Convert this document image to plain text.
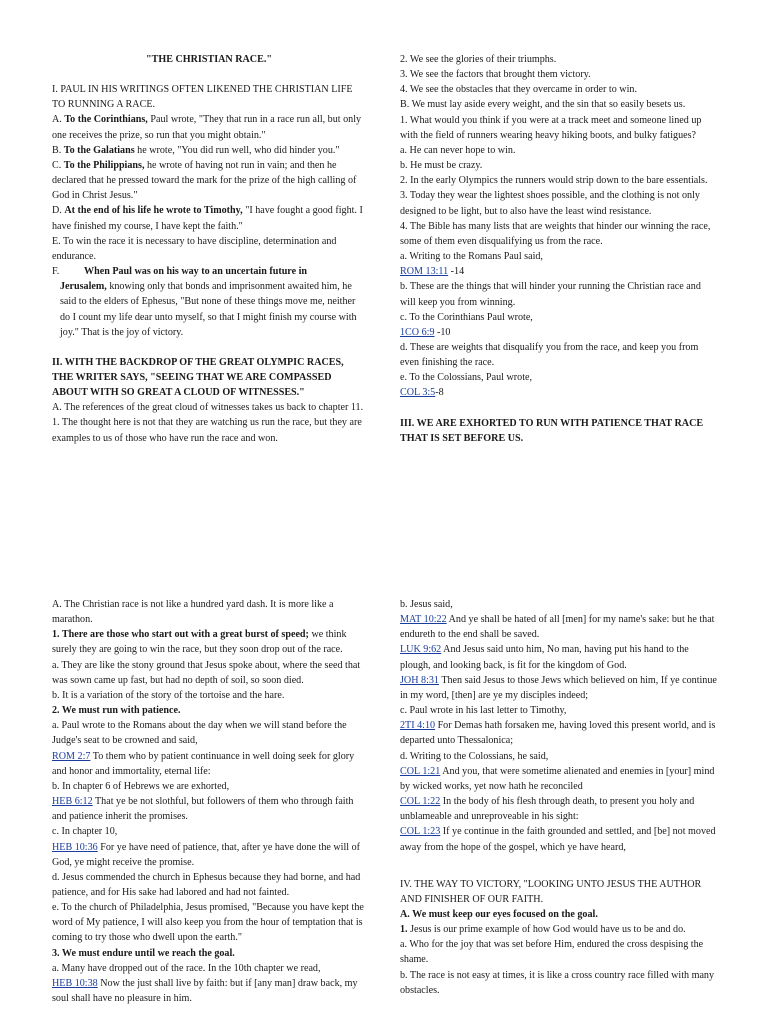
"THE CHRISTIAN RACE."

I. PAUL IN HIS WRITINGS OFTEN LIKENED THE CHRISTIAN LIFE TO RUNNING A RACE.

A. To the Corinthians, Paul wrote, "They that run in a race run all, but only one receives the prize, so run that you might obtain."

B. To the Galatians he wrote, "You did run well, who did hinder you."

C. To the Philippians, he wrote of having not run in vain; and then he declared that he pressed toward the mark for the prize of the high calling of God in Christ Jesus."

D. At the end of his life he wrote to Timothy, "I have fought a good fight. I have finished my course, I have kept the faith."

E. To win the race it is necessary to have discipline, determination and endurance.

F.	When Paul was on his way to an uncertain future in

Jerusalem, knowing only that bonds and imprisonment awaited him, he said to the elders of Ephesus, "But none of these things move me, neither do I count my life dear unto myself, so that I might finish my course with joy." That is the joy of victory.

II. WITH THE BACKDROP OF THE GREAT OLYMPIC RACES, THE WRITER SAYS, "SEEING THAT WE ARE COMPASSED ABOUT WITH SO GREAT A CLOUD OF WITNESSES."

A. The references of the great cloud of witnesses takes us back to chapter 11.

1. The thought here is not that they are watching us run the race, but they are examples to us of those who have run the race and won.

2. We see the glories of their triumphs.

3. We see the factors that brought them victory.

4. We see the obstacles that they overcame in order to win.

B. We must lay aside every weight, and the sin that so easily besets us.

1. What would you think if you were at a track meet and someone lined up with the field of runners wearing heavy hiking boots, and bulky fatigues?

a. He can never hope to win.

b. He must be crazy.

2. In the early Olympics the runners would strip down to the bare essentials.

3. Today they wear the lightest shoes possible, and the clothing is not only designed to be light, but to also have the least wind resistance.

4. The Bible has many lists that are weights that hinder our winning the race, some of them even disqualifying us from the race.

a. Writing to the Romans Paul said,

ROM 13:11 -14

b. These are the things that will hinder your running the Christian race and will keep you from winning.

c. To the Corinthians Paul wrote,

1CO 6:9 -10

d. These are weights that disqualify you from the race, and keep you from even finishing the race.

e. To the Colossians, Paul wrote,

COL 3:5-8

III. WE ARE EXHORTED TO RUN WITH PATIENCE THAT RACE THAT IS SET BEFORE US.

A. The Christian race is not like a hundred yard dash. It is more like a marathon.

1. There are those who start out with a great burst of speed; we think surely they are going to win the race, but they soon drop out of the race.

a. They are like the stony ground that Jesus spoke about, where the seed that was sown came up fast, but had no depth of soil, so soon died.

b. It is a variation of the story of the tortoise and the hare.

2. We must run with patience.

a. Paul wrote to the Romans about the day when we will stand before the Judge's seat to be crowned and said,

ROM 2:7 To them who by patient continuance in well doing seek for glory and honor and immortality, eternal life:

b. In chapter 6 of Hebrews we are exhorted,

HEB 6:12 That ye be not slothful, but followers of them who through faith and patience inherit the promises.

c. In chapter 10,

HEB 10:36 For ye have need of patience, that, after ye have done the will of God, ye might receive the promise.

d. Jesus commended the church in Ephesus because they had borne, and had patience, and for His sake had labored and had not fainted.

e. To the church of Philadelphia, Jesus promised, "Because you have kept the word of My patience, I will also keep you from the hour of temptation that is coming to try those who dwell upon the earth."

3. We must endure until we reach the goal.

a. Many have dropped out of the race. In the 10th chapter we read,

HEB 10:38 Now the just shall live by faith: but if [any man] draw back, my soul shall have no pleasure in him.

b. Jesus said,

MAT 10:22 And ye shall be hated of all [men] for my name's sake: but he that endureth to the end shall be saved.

LUK 9:62 And Jesus said unto him, No man, having put his hand to the plough, and looking back, is fit for the kingdom of God.

JOH 8:31 Then said Jesus to those Jews which believed on him, If ye continue in my word, [then] are ye my disciples indeed;

c. Paul wrote in his last letter to Timothy,

2TI 4:10 For Demas hath forsaken me, having loved this present world, and is departed unto Thessalonica;

d. Writing to the Colossians, he said,

COL 1:21 And you, that were sometime alienated and enemies in [your] mind by wicked works, yet now hath he reconciled

COL 1:22 In the body of his flesh through death, to present you holy and unblameable and unreproveable in his sight:

COL 1:23 If ye continue in the faith grounded and settled, and [be] not moved away from the hope of the gospel, which ye have heard,

IV. THE WAY TO VICTORY, "LOOKING UNTO JESUS THE AUTHOR AND FINISHER OF OUR FAITH.

A. We must keep our eyes focused on the goal.

1. Jesus is our prime example of how God would have us to be and do.

a. Who for the joy that was set before Him, endured the cross despising the shame.

b. The race is not easy at times, it is like a cross country race filled with many obstacles.
